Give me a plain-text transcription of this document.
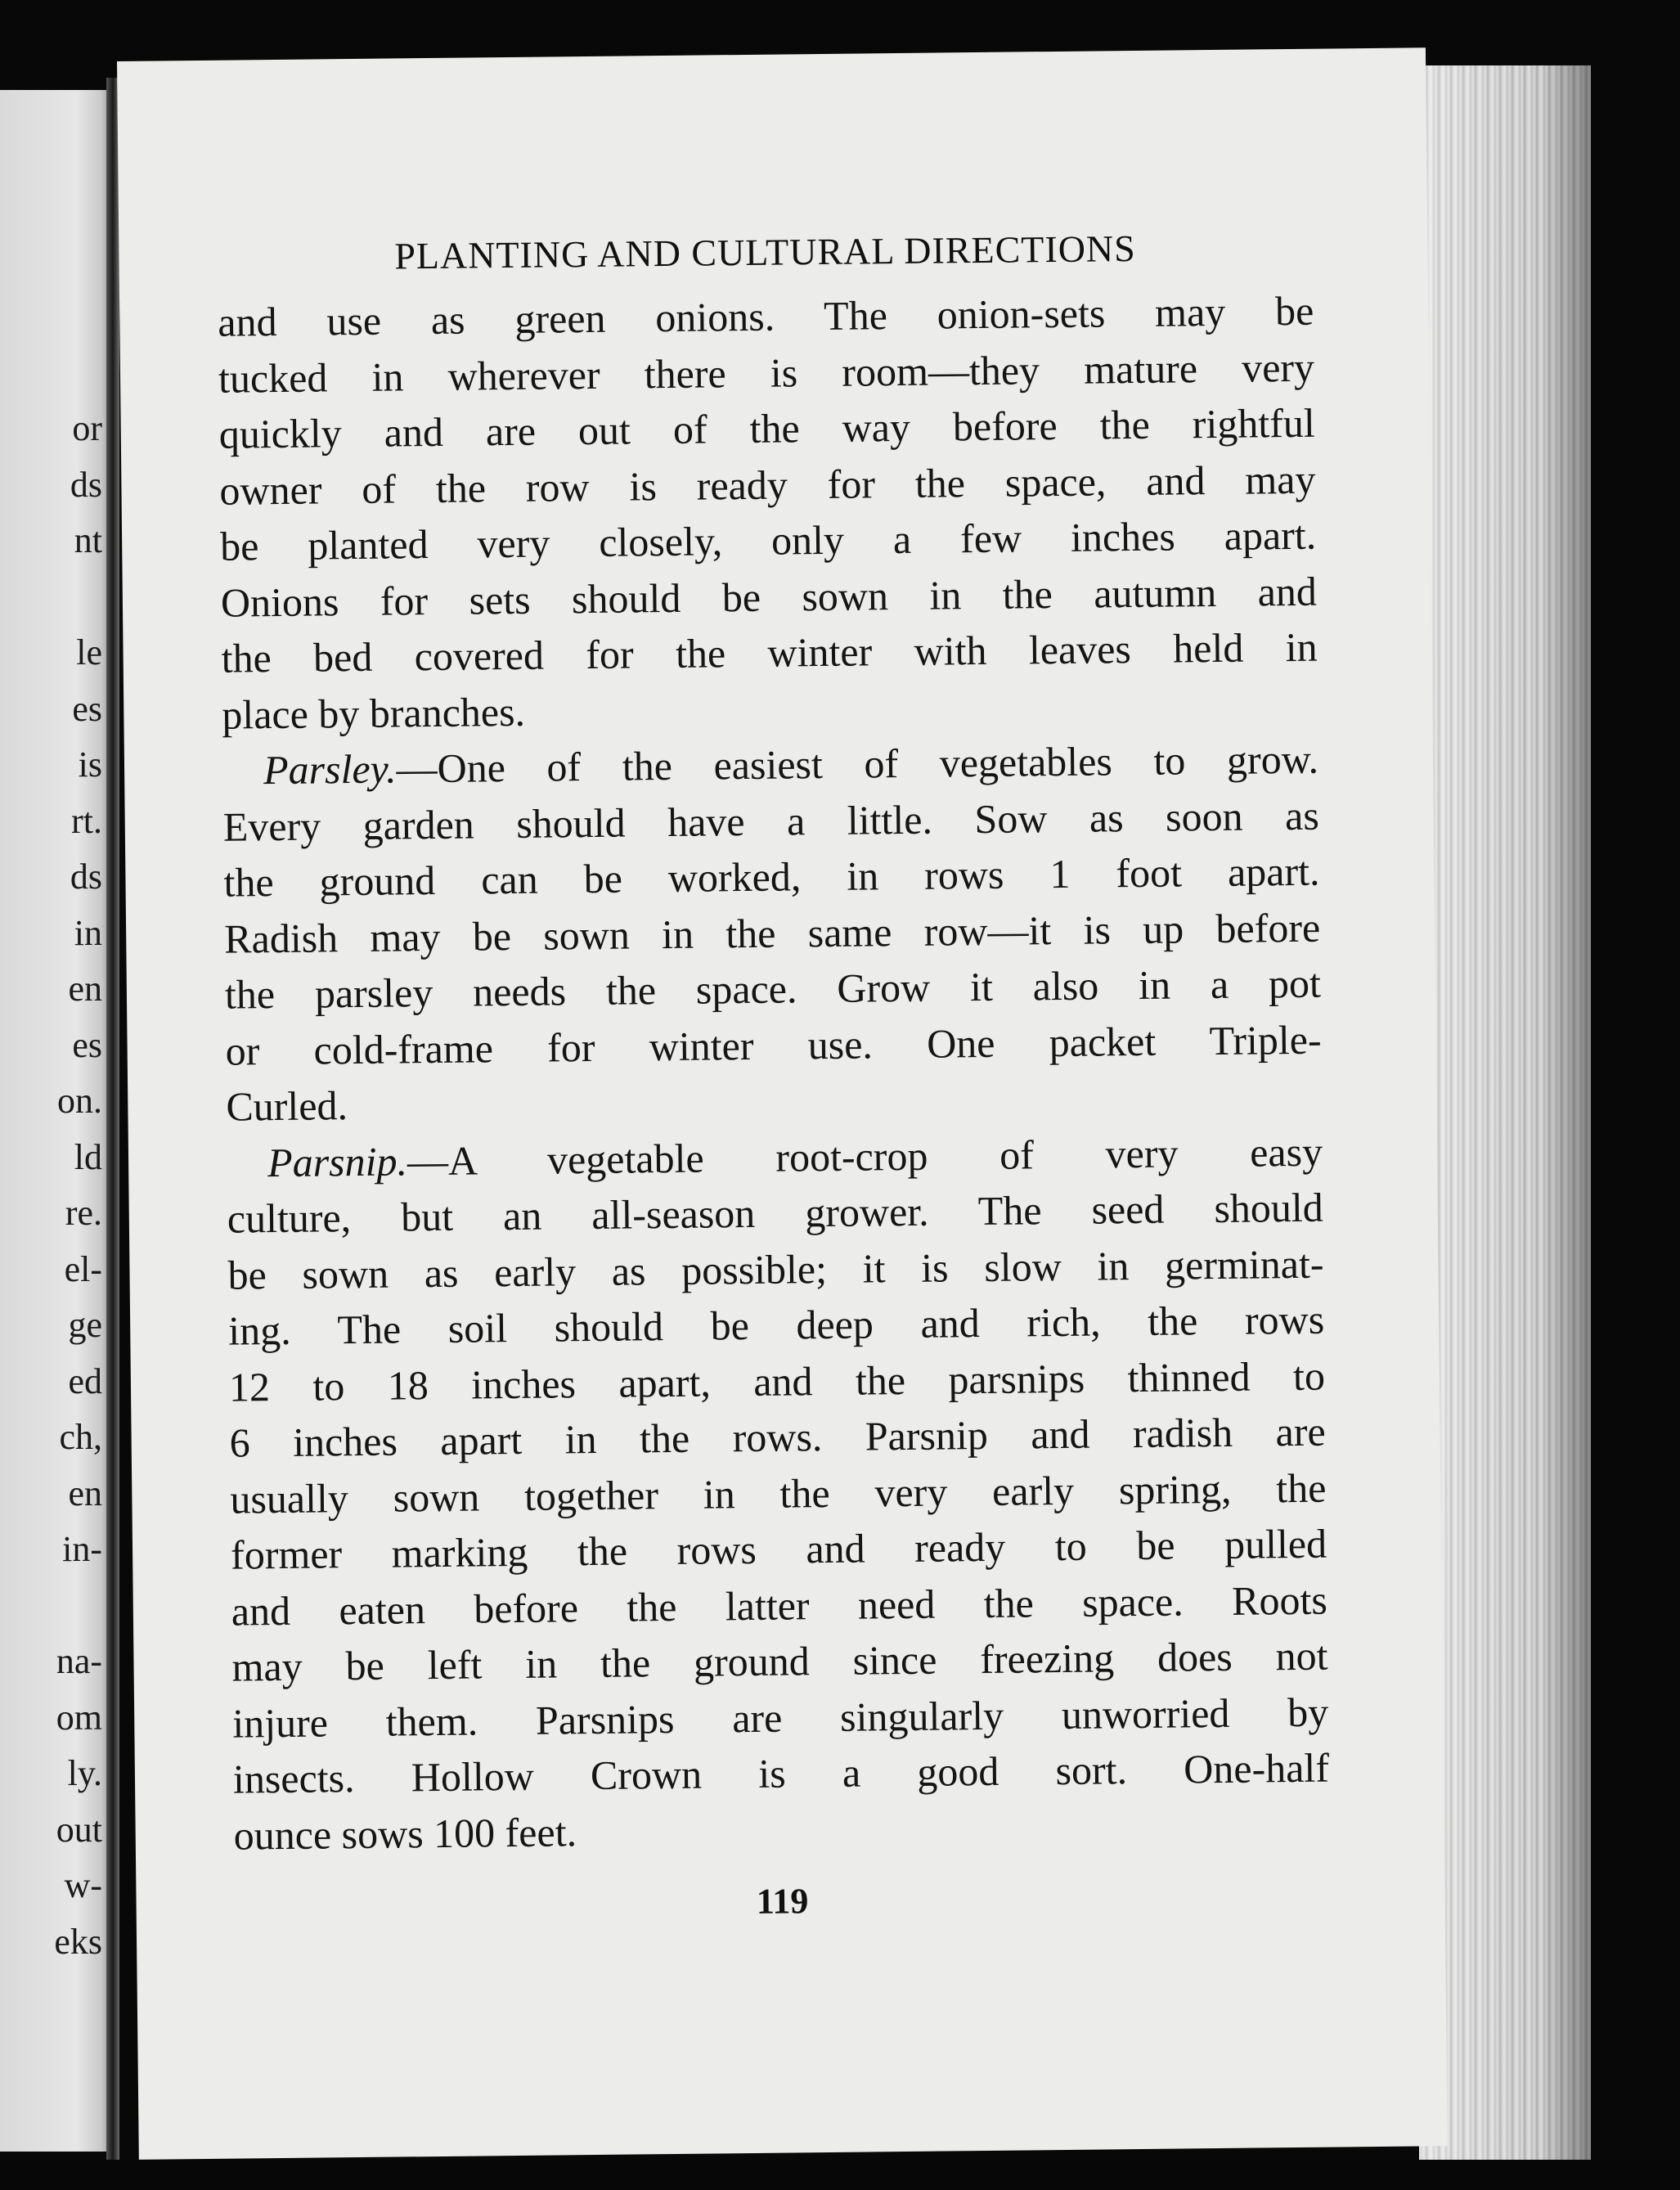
or
ds
nt

le
es
is
rt.
ds
in
en
es
on.
ld
re.
el-
ge
ed
ch,
en
in-

na-
om
ly.
out
w-
eks
PLANTING AND CULTURAL DIRECTIONS
and use as green onions. The onion-sets may be
tucked in wherever there is room—they mature very
quickly and are out of the way before the rightful
owner of the row is ready for the space, and may
be planted very closely, only a few inches apart.
Onions for sets should be sown in the autumn and
the bed covered for the winter with leaves held in
place by branches.
Parsley.—One of the easiest of vegetables to grow.
Every garden should have a little. Sow as soon as
the ground can be worked, in rows 1 foot apart.
Radish may be sown in the same row—it is up before
the parsley needs the space. Grow it also in a pot
or cold-frame for winter use. One packet Triple-
Curled.
Parsnip.—A vegetable root-crop of very easy
culture, but an all-season grower. The seed should
be sown as early as possible; it is slow in germinat-
ing. The soil should be deep and rich, the rows
12 to 18 inches apart, and the parsnips thinned to
6 inches apart in the rows. Parsnip and radish are
usually sown together in the very early spring, the
former marking the rows and ready to be pulled
and eaten before the latter need the space. Roots
may be left in the ground since freezing does not
injure them. Parsnips are singularly unworried by
insects. Hollow Crown is a good sort. One-half
ounce sows 100 feet.
119
